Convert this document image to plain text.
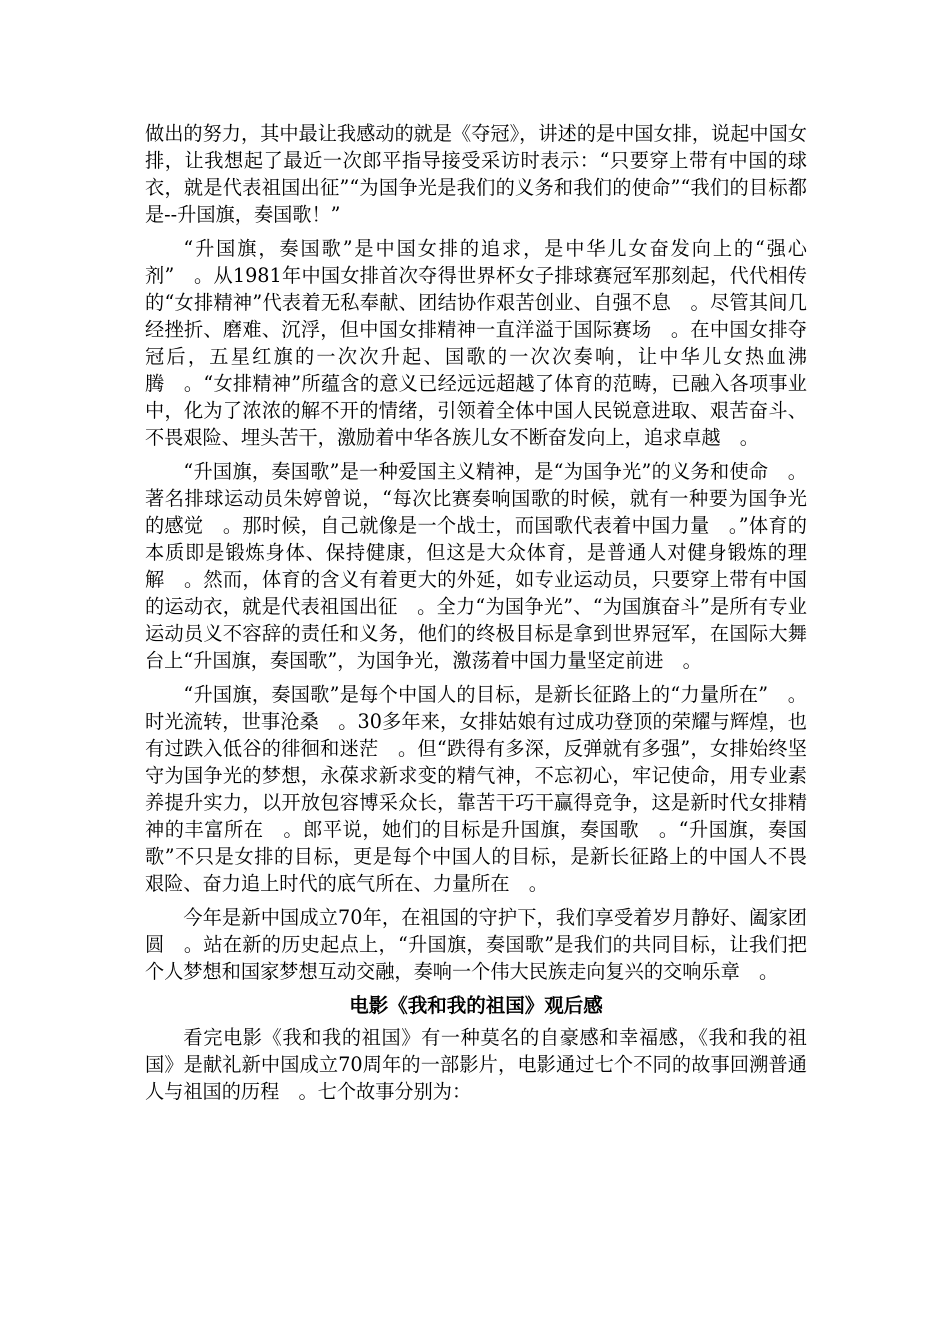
做出的努力，其中最让我感动的就是《夺冠》，讲述的是中国女排，说起中国女排，让我想起了最近一次郎平指导接受采访时表示：“只要穿上带有中国的球衣，就是代表祖国出征”“为国争光是我们的义务和我们的使命”“我们的目标都是--升国旗，奏国歌！”

“升国旗，奏国歌”是中国女排的追求，是中华儿女奋发向上的“强心剂”　。从1981年中国女排首次夺得世界杯女子排球赛冠军那刻起，代代相传的“女排精神”代表着无私奉献、团结协作艰苦创业、自强不息　。尽管其间几经挫折、磨难、沉浮，但中国女排精神一直洋溢于国际赛场　。在中国女排夺冠后，五星红旗的一次次升起、国歌的一次次奏响，让中华儿女热血沸腾　。“女排精神”所蕴含的意义已经远远超越了体育的范畴，已融入各项事业中，化为了浓浓的解不开的情绪，引领着全体中国人民锐意进取、艰苦奋斗、不畏艰险、埋头苦干，激励着中华各族儿女不断奋发向上，追求卓越　。

“升国旗，奏国歌”是一种爱国主义精神，是“为国争光”的义务和使命　。著名排球运动员朱婷曾说，“每次比赛奏响国歌的时候，就有一种要为国争光的感觉　。那时候，自己就像是一个战士，而国歌代表着中国力量　。”体育的本质即是锻炼身体、保持健康，但这是大众体育，是普通人对健身锻炼的理解　。然而，体育的含义有着更大的外延，如专业运动员，只要穿上带有中国的运动衣，就是代表祖国出征　。全力“为国争光”、“为国旗奋斗”是所有专业运动员义不容辞的责任和义务，他们的终极目标是拿到世界冠军，在国际大舞台上“升国旗，奏国歌”，为国争光，激荡着中国力量坚定前进　。

“升国旗，奏国歌”是每个中国人的目标，是新长征路上的“力量所在”　。时光流转，世事沧桑　。30多年来，女排姑娘有过成功登顶的荣耀与辉煌，也有过跌入低谷的徘徊和迷茫　。但“跌得有多深，反弹就有多强”，女排始终坚守为国争光的梦想，永葆求新求变的精气神，不忘初心，牢记使命，用专业素养提升实力，以开放包容博采众长，靠苦干巧干赢得竞争，这是新时代女排精神的丰富所在　。郎平说，她们的目标是升国旗，奏国歌　。“升国旗，奏国歌”不只是女排的目标，更是每个中国人的目标，是新长征路上的中国人不畏艰险、奋力追上时代的底气所在、力量所在　。

今年是新中国成立70年，在祖国的守护下，我们享受着岁月静好、阖家团圆　。站在新的历史起点上，“升国旗，奏国歌”是我们的共同目标，让我们把个人梦想和国家梦想互动交融，奏响一个伟大民族走向复兴的交响乐章　。

电影《我和我的祖国》观后感

看完电影《我和我的祖国》有一种莫名的自豪感和幸福感，《我和我的祖国》是献礼新中国成立70周年的一部影片，电影通过七个不同的故事回溯普通人与祖国的历程　。七个故事分别为：
